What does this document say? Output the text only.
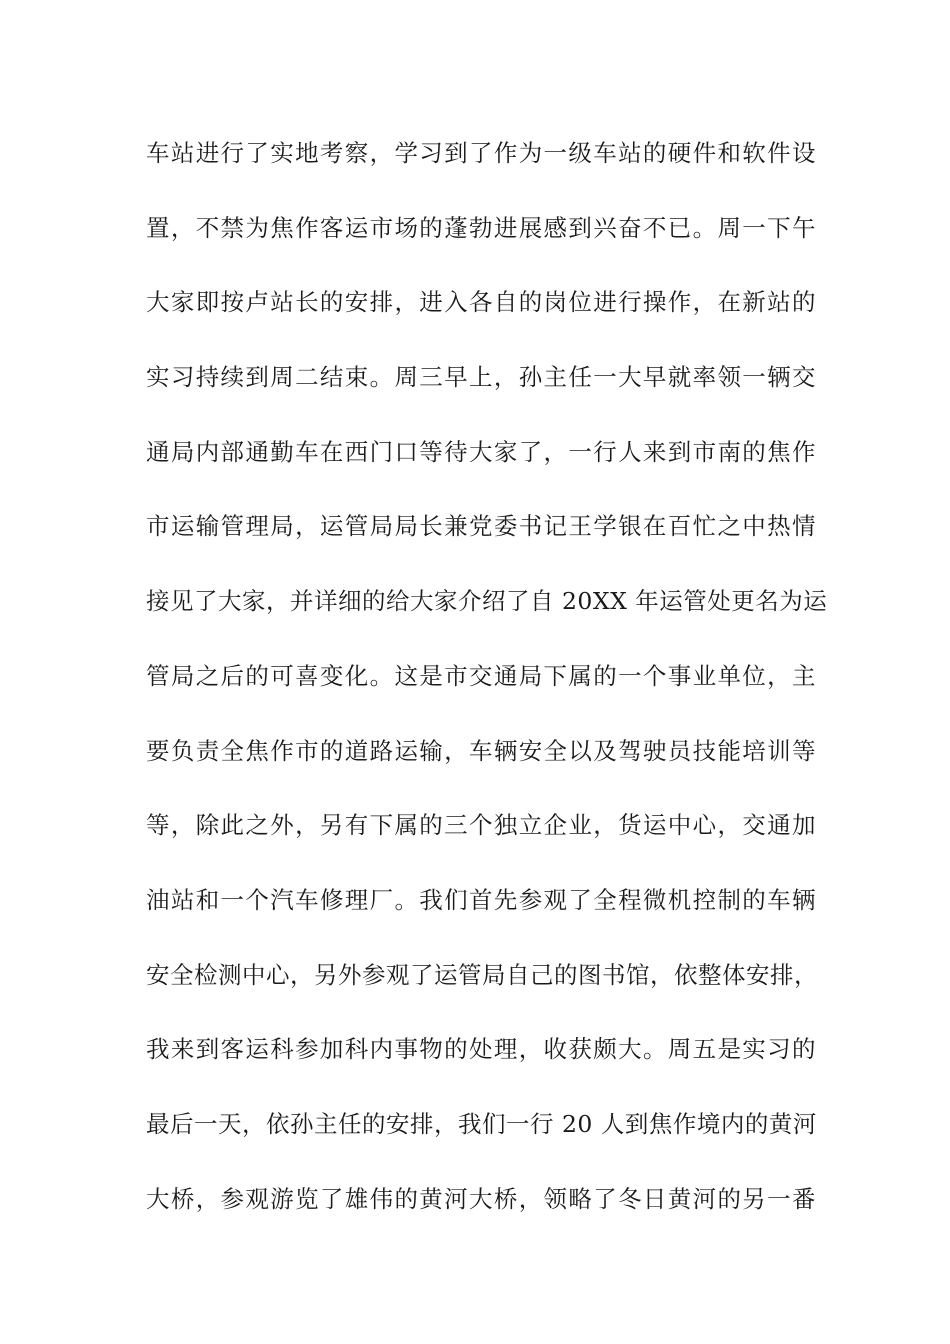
车站进行了实地考察，学习到了作为一级车站的硬件和软件设
置，不禁为焦作客运市场的蓬勃进展感到兴奋不已。周一下午
大家即按卢站长的安排，进入各自的岗位进行操作，在新站的
实习持续到周二结束。周三早上，孙主任一大早就率领一辆交
通局内部通勤车在西门口等待大家了，一行人来到市南的焦作
市运输管理局，运管局局长兼党委书记王学银在百忙之中热情
接见了大家，并详细的给大家介绍了自 20XX 年运管处更名为运
管局之后的可喜变化。这是市交通局下属的一个事业单位，主
要负责全焦作市的道路运输，车辆安全以及驾驶员技能培训等
等，除此之外，另有下属的三个独立企业，货运中心，交通加
油站和一个汽车修理厂。我们首先参观了全程微机控制的车辆
安全检测中心，另外参观了运管局自己的图书馆，依整体安排，
我来到客运科参加科内事物的处理，收获颇大。周五是实习的
最后一天，依孙主任的安排，我们一行 20 人到焦作境内的黄河
大桥，参观游览了雄伟的黄河大桥，领略了冬日黄河的另一番
